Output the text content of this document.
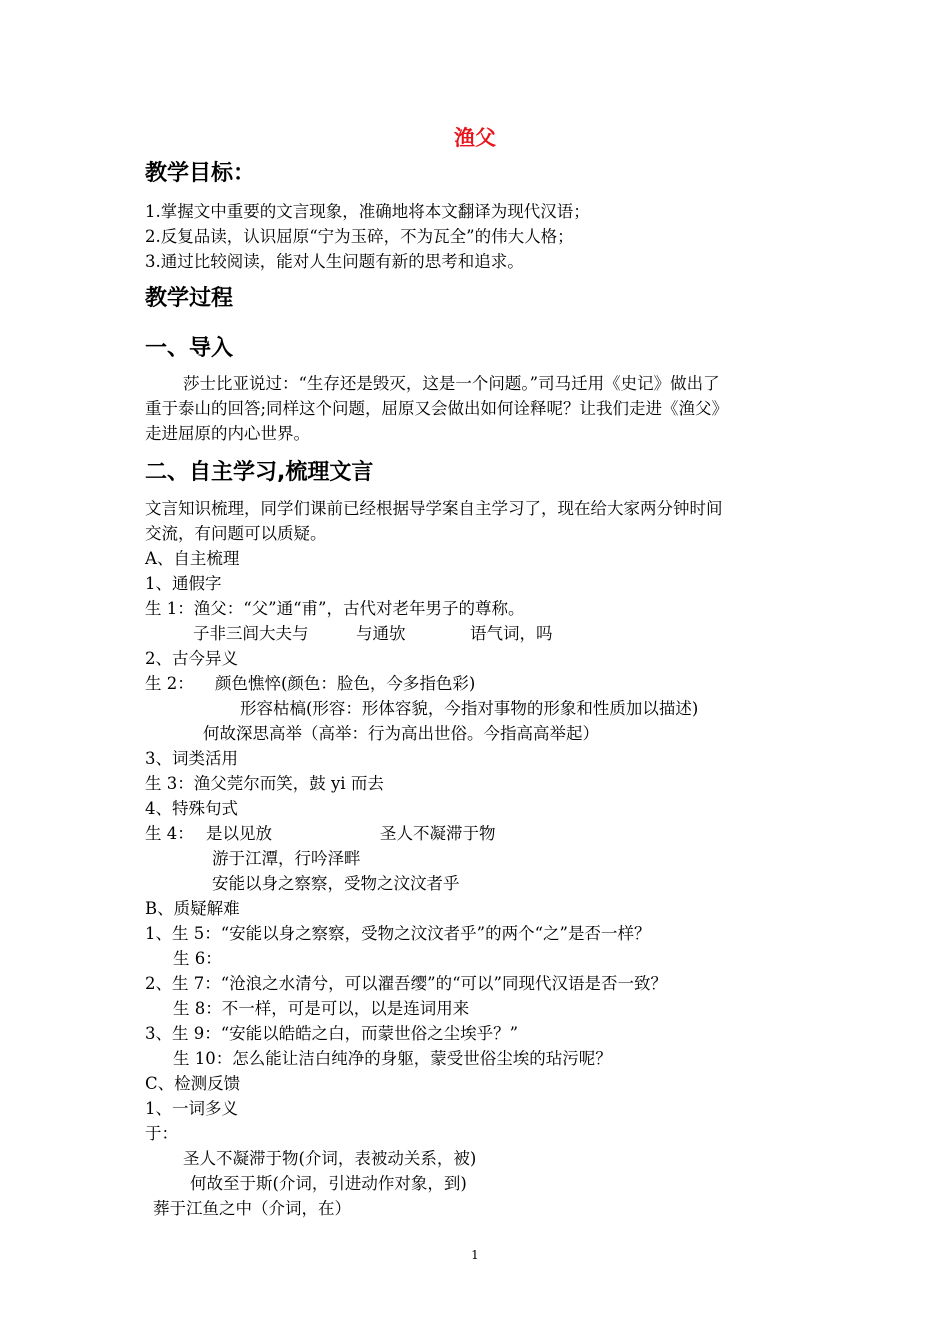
渔父
教学目标：
1.掌握文中重要的文言现象，准确地将本文翻译为现代汉语；
2.反复品读，认识屈原“宁为玉碎，不为瓦全”的伟大人格；
3.通过比较阅读，能对人生问题有新的思考和追求。
教学过程
一、导入
莎士比亚说过：“生存还是毁灭，这是一个问题。”司马迁用《史记》做出了
重于泰山的回答;同样这个问题，屈原又会做出如何诠释呢？让我们走进《渔父》
走进屈原的内心世界。
二、自主学习,梳理文言
文言知识梳理，同学们课前已经根据导学案自主学习了，现在给大家两分钟时间
交流，有问题可以质疑。
A、自主梳理
1、通假字
生 1：渔父：“父”通“甫”，古代对老年男子的尊称。
子非三闾大夫与	与通欤	语气词，吗
2、古今异义
生 2： 颜色憔悴(颜色：脸色，今多指色彩)
形容枯槁(形容：形体容貌，今指对事物的形象和性质加以描述)
何故深思高举（高举：行为高出世俗。今指高高举起）
3、词类活用
生 3：渔父莞尔而笑，鼓 yi 而去
4、特殊句式
生 4： 是以见放	圣人不凝滞于物
游于江潭，行吟泽畔
安能以身之察察，受物之汶汶者乎
B、质疑解难
1、生 5：“安能以身之察察，受物之汶汶者乎”的两个“之”是否一样？
生 6：
2、生 7：“沧浪之水清兮，可以濯吾缨”的“可以”同现代汉语是否一致？
生 8：不一样，可是可以，以是连词用来
3、生 9：“安能以皓皓之白，而蒙世俗之尘埃乎？”
生 10：怎么能让洁白纯净的身躯，蒙受世俗尘埃的玷污呢？
C、检测反馈
1、一词多义
于：
圣人不凝滞于物(介词，表被动关系，被)
何故至于斯(介词，引进动作对象，到)
葬于江鱼之中（介词，在）
1
